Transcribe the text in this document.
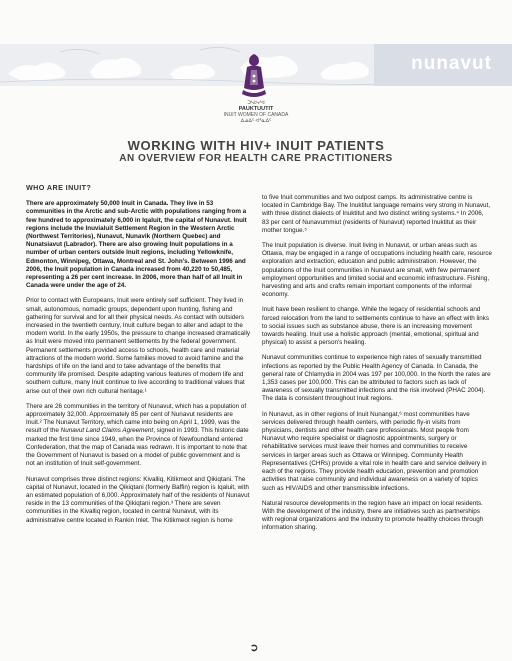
nunavut
ᑐᓴᐅᓯᐊ
PAUKTUUTIT
INUIT WOMEN OF CANADA
ᐃᓄᐃᑦ ᐊᕐᓇᐃᑦ
WORKING WITH HIV+ INUIT PATIENTS
AN OVERVIEW FOR HEALTH CARE PRACTITIONERS
WHO ARE INUIT?

There are approximately 50,000 Inuit in Canada. They live in 53 communities in the Arctic and sub-Arctic with populations ranging from a few hundred to approximately 6,000 in Iqaluit, the capital of Nunavut. Inuit regions include the Inuvialuit Settlement Region in the Western Arctic (Northwest Territories), Nunavut, Nunavik (Northern Quebec) and Nunatsiavut (Labrador). There are also growing Inuit populations in a number of urban centers outside Inuit regions, including Yellowknife, Edmonton, Winnipeg, Ottawa, Montreal and St. John's. Between 1996 and 2006, the Inuit population in Canada increased from 40,220 to 50,485, representing a 26 per cent increase. In 2006, more than half of all Inuit in Canada were under the age of 24.

Prior to contact with Europeans, Inuit were entirely self sufficient. They lived in small, autonomous, nomadic groups, dependent upon hunting, fishing and gathering for survival and for all their physical needs. As contact with outsiders increased in the twentieth century, Inuit culture began to alter and adapt to the modern world. In the early 1950s, the pressure to change increased dramatically as Inuit were moved into permanent settlements by the federal government. Permanent settlements provided access to schools, health care and material attractions of the modern world. Some families moved to avoid famine and the hardships of life on the land and to take advantage of the benefits that community life promised. Despite adapting various features of modern life and southern culture, many Inuit continue to live according to traditional values that arise out of their own rich cultural heritage.¹

There are 26 communities in the territory of Nunavut, which has a population of approximately 32,000. Approximately 85 per cent of Nunavut residents are Inuit.² The Nunavut Territory, which came into being on April 1, 1999, was the result of the Nunavut Land Claims Agreement, signed in 1993. This historic date marked the first time since 1949, when the Province of Newfoundland entered Confederation, that the map of Canada was redrawn. It is important to note that the Government of Nunavut is based on a model of public government and is not an institution of Inuit self-government.

Nunavut comprises three distinct regions: Kivalliq, Kitikmeot and Qikiqtani. The capital of Nunavut, located in the Qikiqtani (formerly Baffin) region is Iqaluit, with an estimated population of 6,000. Approximately half of the residents of Nunavut reside in the 13 communities of the Qikiqtani region.³ There are seven communities in the Kivalliq region, located in central Nunavut, with its administrative centre located in Rankin Inlet. The Kitikmeot region is home

to five Inuit communities and two outpost camps. Its administrative centre is located in Cambridge Bay. The Inuktitut language remains very strong in Nunavut, with three distinct dialects of Inuktitut and two distinct writing systems.⁴ In 2006, 83 per cent of Nunavummiut (residents of Nunavut) reported Inuktitut as their mother tongue.⁵

The Inuit population is diverse. Inuit living in Nunavut, or urban areas such as Ottawa, may be engaged in a range of occupations including health care, resource exploration and extraction, education and public administration. However, the populations of the Inuit communities in Nunavut are small, with few permanent employment opportunities and limited social and economic infrastructure. Fishing, harvesting and arts and crafts remain important components of the informal economy.

Inuit have been resilient to change. While the legacy of residential schools and forced relocation from the land to settlements continue to have an effect with links to social issues such as substance abuse, there is an increasing movement towards healing. Inuit use a holistic approach (mental, emotional, spiritual and physical) to assist a person's healing.

Nunavut communities continue to experience high rates of sexually transmitted infections as reported by the Public Health Agency of Canada. In Canada, the general rate of Chlamydia in 2004 was 197 per 100,000. In the North the rates are 1,353 cases per 100,000. This can be attributed to factors such as lack of awareness of sexually transmitted infections and the risk involved (PHAC 2004). The data is consistent throughout Inuit regions.

In Nunavut, as in other regions of Inuit Nunangat,⁶ most communities have services delivered through health centers, with periodic fly-in visits from physicians, dentists and other health care professionals. Most people from Nunavut who require specialist or diagnostic appointments, surgery or rehabilitative services must leave their homes and communities to receive services in larger areas such as Ottawa or Winnipeg. Community Health Representatives (CHRs) provide a vital role in health care and service delivery in each of the regions. They provide health education, prevention and promotion activities that raise community and individual awareness on a variety of topics such as HIV/AIDS and other transmissible infections.

Natural resource developments in the region have an impact on local residents. With the development of the industry, there are initiatives such as partnerships with regional organizations and the industry to promote healthy choices through information sharing.

➲
